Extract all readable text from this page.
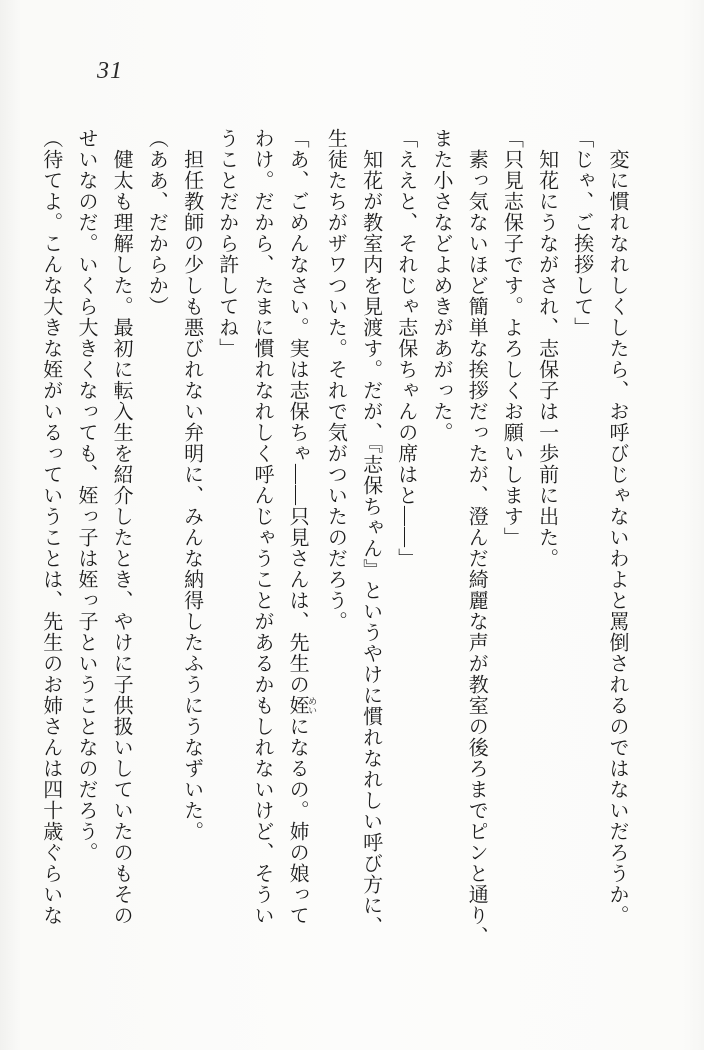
31

変に慣れなれしくしたら、お呼びじゃないわよと罵倒されるのではないだろうか。

「じゃ、ご挨拶して」

知花にうながされ、志保子は一歩前に出た。

「只見志保子です。よろしくお願いします」

素っ気ないほど簡単な挨拶だったが、澄んだ綺麗な声が教室の後ろまでピンと通り、

また小さなどよめきがあがった。

「ええと、それじゃ志保ちゃんの席はと――」

知花が教室内を見渡す。だが、『志保ちゃん』というやけに慣れなれしい呼び方に、

生徒たちがザワついた。それで気がついたのだろう。

「あ、ごめんなさい。実は志保ちゃ――只見さんは、先生の姪 めいになるの。姉の娘って

わけ。だから、たまに慣れなれしく呼んじゃうことがあるかもしれないけど、そうい

うことだから許してね」

担任教師の少しも悪びれない弁明に、みんな納得したふうにうなずいた。

（ああ、だからか）

健太も理解した。最初に転入生を紹介したとき、やけに子供扱いしていたのもその

せいなのだ。いくら大きくなっても、姪っ子は姪っ子ということなのだろう。

（待てよ。こんな大きな姪がいるっていうことは、先生のお姉さんは四十歳ぐらいな
